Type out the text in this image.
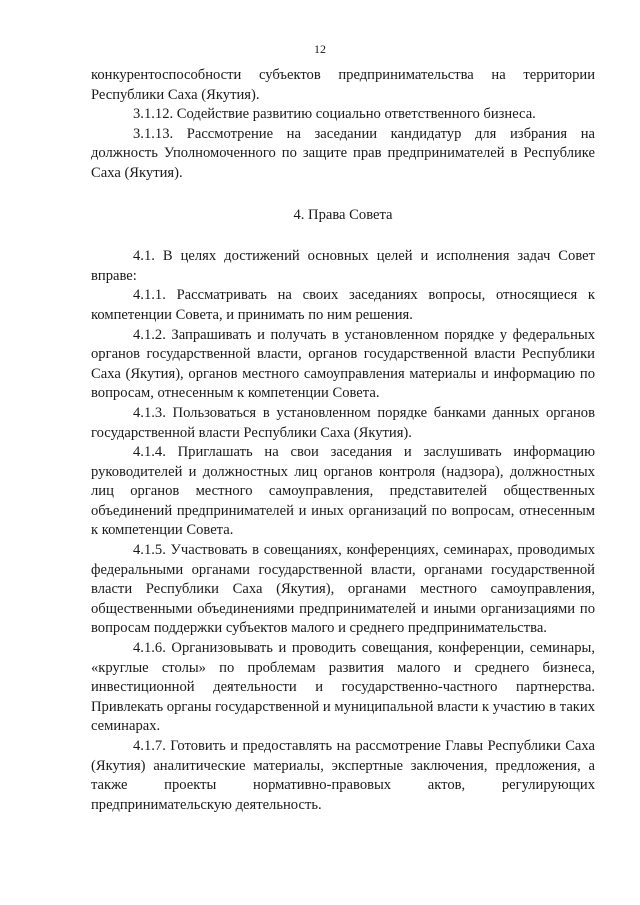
12

конкурентоспособности субъектов предпринимательства на территории Республики Саха (Якутия).

3.1.12. Содействие развитию социально ответственного бизнеса.

3.1.13. Рассмотрение на заседании кандидатур для избрания на должность Уполномоченного по защите прав предпринимателей в Республике Саха (Якутия).

4. Права Совета

4.1. В целях достижений основных целей и исполнения задач Совет вправе:

4.1.1. Рассматривать на своих заседаниях вопросы, относящиеся к компетенции Совета, и принимать по ним решения.

4.1.2. Запрашивать и получать в установленном порядке у федеральных органов государственной власти, органов государственной власти Республики Саха (Якутия), органов местного самоуправления материалы и информацию по вопросам, отнесенным к компетенции Совета.

4.1.3. Пользоваться в установленном порядке банками данных органов государственной власти Республики Саха (Якутия).

4.1.4. Приглашать на свои заседания и заслушивать информацию руководителей и должностных лиц органов контроля (надзора), должностных лиц органов местного самоуправления, представителей общественных объединений предпринимателей и иных организаций по вопросам, отнесенным к компетенции Совета.

4.1.5. Участвовать в совещаниях, конференциях, семинарах, проводимых федеральными органами государственной власти, органами государственной власти Республики Саха (Якутия), органами местного самоуправления, общественными объединениями предпринимателей и иными организациями по вопросам поддержки субъектов малого и среднего предпринимательства.

4.1.6. Организовывать и проводить совещания, конференции, семинары, «круглые столы» по проблемам развития малого и среднего бизнеса, инвестиционной деятельности и государственно-частного партнерства. Привлекать органы государственной и муниципальной власти к участию в таких семинарах.

4.1.7. Готовить и предоставлять на рассмотрение Главы Республики Саха (Якутия) аналитические материалы, экспертные заключения, предложения, а также проекты нормативно-правовых актов, регулирующих предпринимательскую деятельность.
